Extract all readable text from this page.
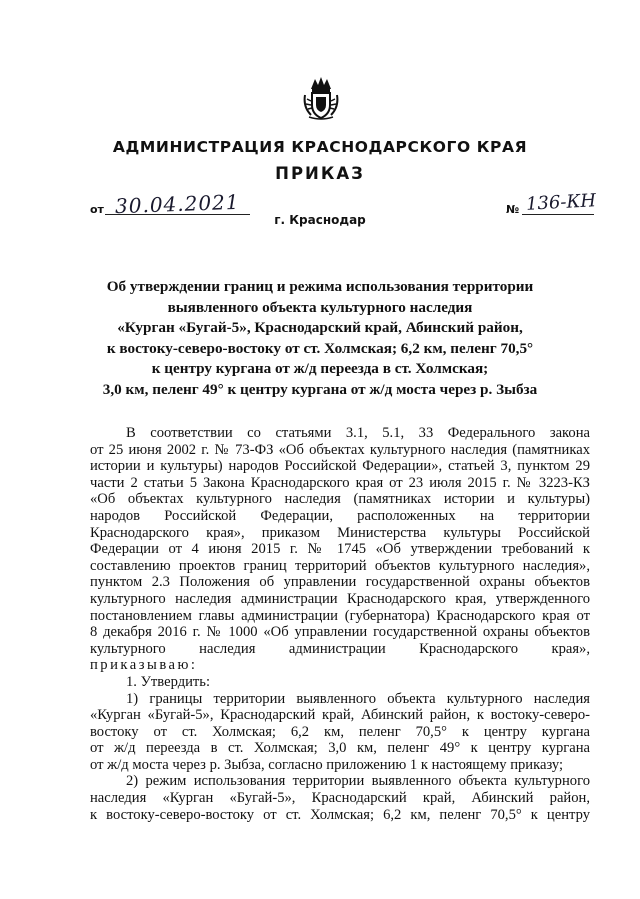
АДМИНИСТРАЦИЯ КРАСНОДАРСКОГО КРАЯ
ПРИКАЗ
от 30.04.2021	№ 136-КН
г. Краснодар
Об утверждении границ и режима использования территории
выявленного объекта культурного наследия
«Курган «Бугай-5», Краснодарский край, Абинский район,
к востоку-северо-востоку от ст. Холмская; 6,2 км, пеленг 70,5°
к центру кургана от ж/д переезда в ст. Холмская;
3,0 км, пеленг 49° к центру кургана от ж/д моста через р. Зыбза
В соответствии со статьями 3.1, 5.1, 33 Федерального закона
от 25 июня 2002 г. № 73-ФЗ «Об объектах культурного наследия (памятниках
истории и культуры) народов Российской Федерации», статьей 3, пунктом 29
части 2 статьи 5 Закона Краснодарского края от 23 июля 2015 г. № 3223-КЗ
«Об объектах культурного наследия (памятниках истории и культуры)
народов Российской Федерации, расположенных на территории
Краснодарского края», приказом Министерства культуры Российской
Федерации от 4 июня 2015 г. № 1745 «Об утверждении требований к
составлению проектов границ территорий объектов культурного наследия»,
пунктом 2.3 Положения об управлении государственной охраны объектов
культурного наследия администрации Краснодарского края, утвержденного
постановлением главы администрации (губернатора) Краснодарского края от
8 декабря 2016 г. № 1000 «Об управлении государственной охраны объектов
культурного наследия администрации Краснодарского края»,
приказываю:
1. Утвердить:
1) границы территории выявленного объекта культурного наследия
«Курган «Бугай-5», Краснодарский край, Абинский район, к востоку-северо-
востоку от ст. Холмская; 6,2 км, пеленг 70,5° к центру кургана
от ж/д переезда в ст. Холмская; 3,0 км, пеленг 49° к центру кургана
от ж/д моста через р. Зыбза, согласно приложению 1 к настоящему приказу;
2) режим использования территории выявленного объекта культурного
наследия «Курган «Бугай-5», Краснодарский край, Абинский район,
к востоку-северо-востоку от ст. Холмская; 6,2 км, пеленг 70,5° к центру
